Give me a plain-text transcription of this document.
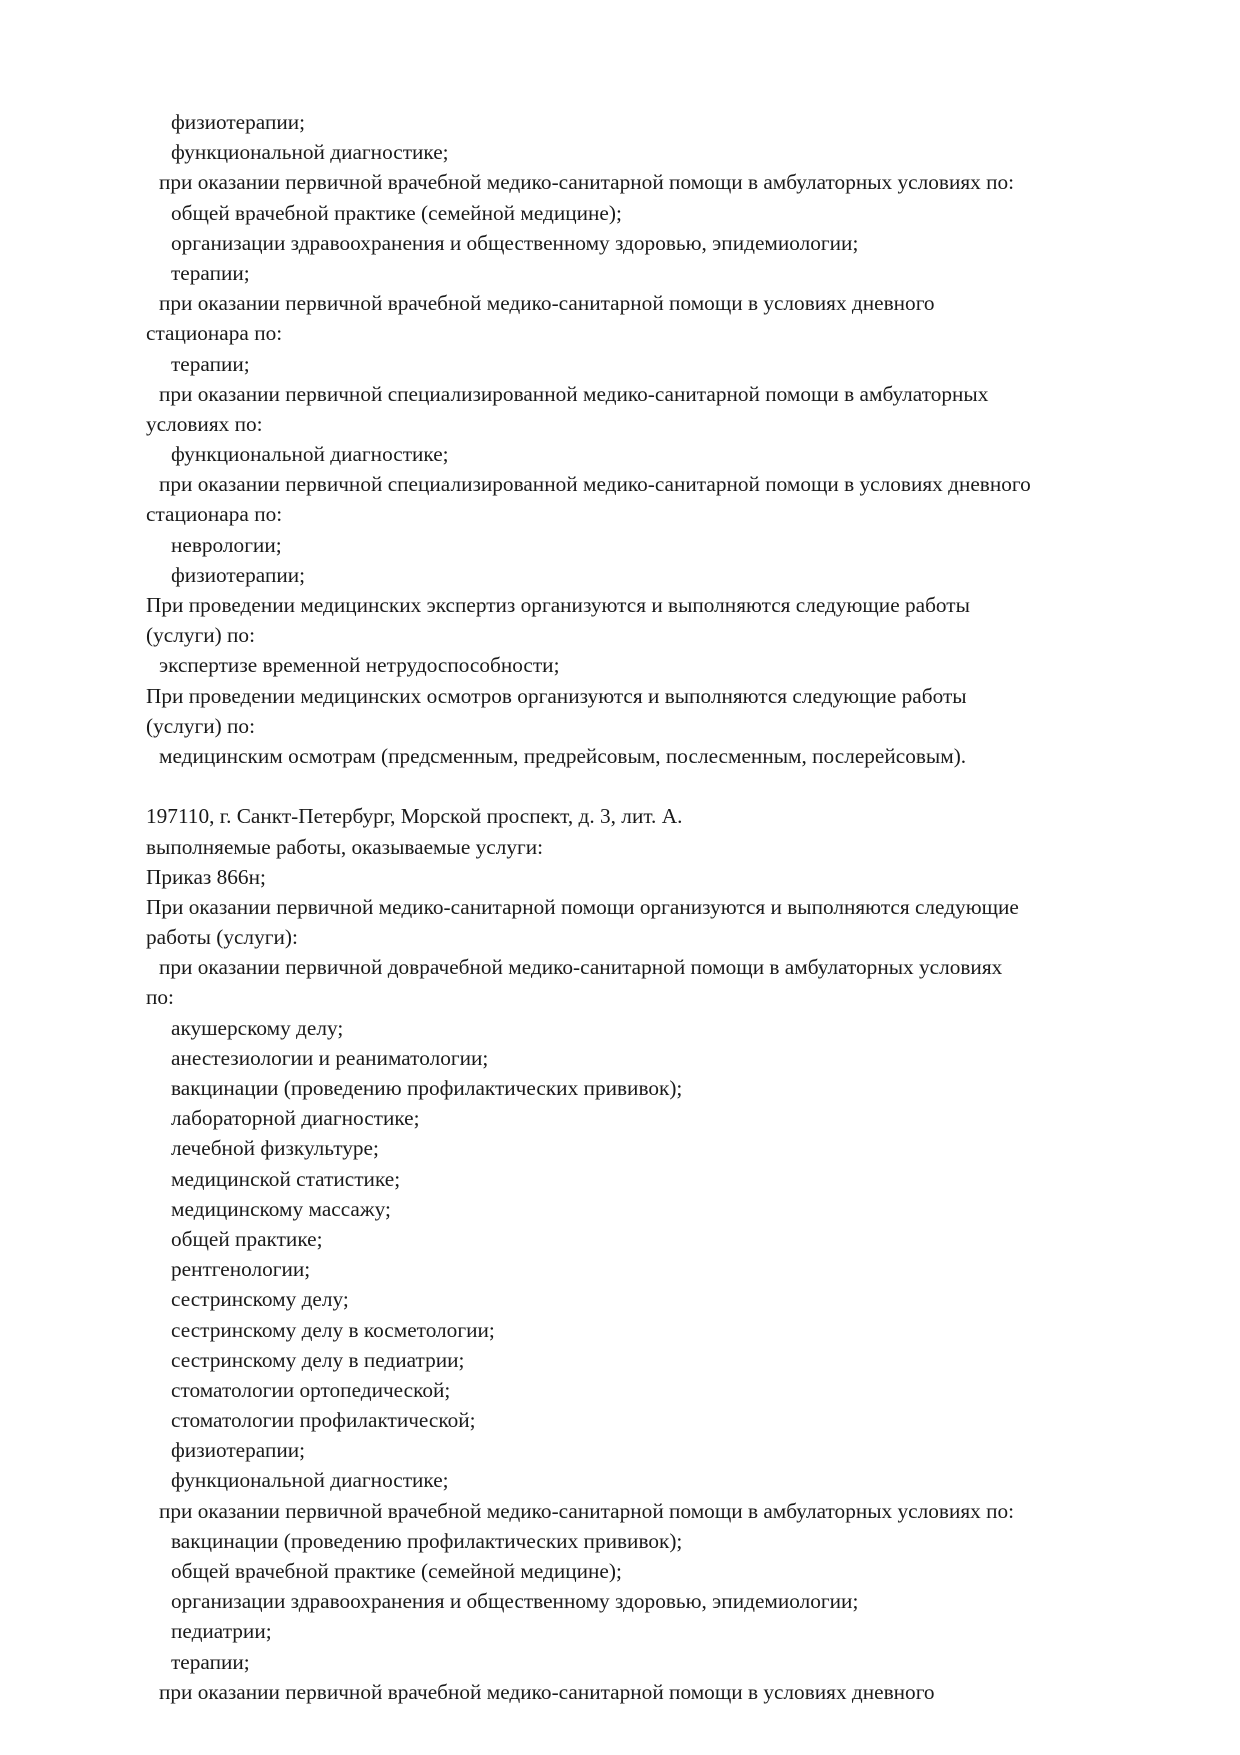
физиотерапии;
функциональной диагностике;
при оказании первичной врачебной медико-санитарной помощи в амбулаторных условиях по:
общей врачебной практике (семейной медицине);
организации здравоохранения и общественному здоровью, эпидемиологии;
терапии;
при оказании первичной врачебной медико-санитарной помощи в условиях дневного
стационара по:
терапии;
при оказании первичной специализированной медико-санитарной помощи в амбулаторных
условиях по:
функциональной диагностике;
при оказании первичной специализированной медико-санитарной помощи в условиях дневного
стационара по:
неврологии;
физиотерапии;
При проведении медицинских экспертиз организуются и выполняются следующие работы
(услуги) по:
экспертизе временной нетрудоспособности;
При проведении медицинских осмотров организуются и выполняются следующие работы
(услуги) по:
медицинским осмотрам (предсменным, предрейсовым, послесменным, послерейсовым).
197110, г. Санкт-Петербург, Морской проспект, д. 3, лит. А.
выполняемые работы, оказываемые услуги:
Приказ 866н;
При оказании первичной медико-санитарной помощи организуются и выполняются следующие
работы (услуги):
при оказании первичной доврачебной медико-санитарной помощи в амбулаторных условиях
по:
акушерскому делу;
анестезиологии и реаниматологии;
вакцинации (проведению профилактических прививок);
лабораторной диагностике;
лечебной физкультуре;
медицинской статистике;
медицинскому массажу;
общей практике;
рентгенологии;
сестринскому делу;
сестринскому делу в косметологии;
сестринскому делу в педиатрии;
стоматологии ортопедической;
стоматологии профилактической;
физиотерапии;
функциональной диагностике;
при оказании первичной врачебной медико-санитарной помощи в амбулаторных условиях по:
вакцинации (проведению профилактических прививок);
общей врачебной практике (семейной медицине);
организации здравоохранения и общественному здоровью, эпидемиологии;
педиатрии;
терапии;
при оказании первичной врачебной медико-санитарной помощи в условиях дневного
